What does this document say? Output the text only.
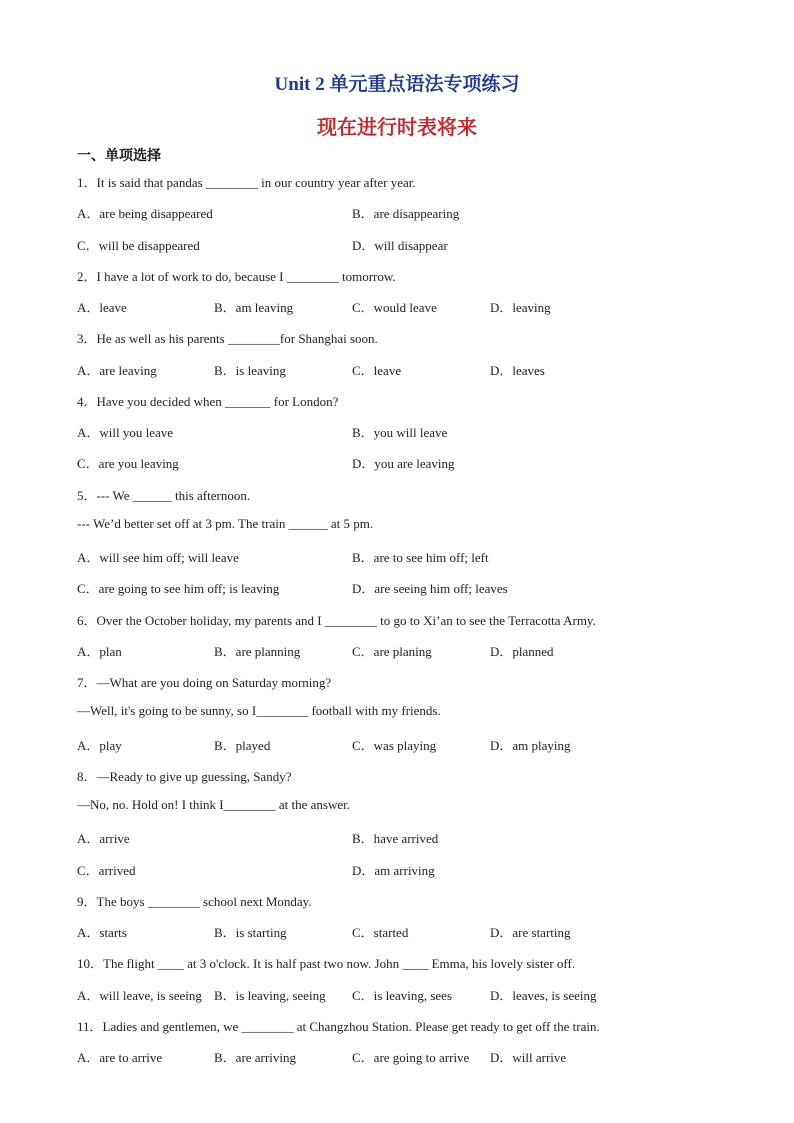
Unit 2 单元重点语法专项练习
现在进行时表将来
一、单项选择
1．It is said that pandas ________ in our country year after year.
A．are being disappeared	B．are disappearing
C．will be disappeared	D．will disappear
2．I have a lot of work to do, because I ________ tomorrow.
A．leave	B．am leaving	C．would leave	D．leaving
3．He as well as his parents ________for Shanghai soon.
A．are leaving	B．is leaving	C．leave	D．leaves
4．Have you decided when _______ for London?
A．will you leave	B．you will leave
C．are you leaving	D．you are leaving
5．--- We ______ this afternoon.
--- We’d better set off at 3 pm. The train ______ at 5 pm.
A．will see him off; will leave	B．are to see him off; left
C．are going to see him off; is leaving	D．are seeing him off; leaves
6．Over the October holiday, my parents and I ________ to go to Xi’an to see the Terracotta Army.
A．plan	B．are planning	C．are planing	D．planned
7．—What are you doing on Saturday morning?
—Well, it's going to be sunny, so I________ football with my friends.
A．play	B．played	C．was playing	D．am playing
8．—Ready to give up guessing, Sandy?
—No, no. Hold on! I think I________ at the answer.
A．arrive	B．have arrived
C．arrived	D．am arriving
9．The boys ________ school next Monday.
A．starts	B．is starting	C．started	D．are starting
10．The flight ____ at 3 o'clock. It is half past two now. John ____ Emma, his lovely sister off.
A．will leave, is seeing B．is leaving, seeing C．is leaving, sees	D．leaves, is seeing
11．Ladies and gentlemen, we ________ at Changzhou Station. Please get ready to get off the train.
A．are to arrive	B．are arriving	C．are going to arrive D．will arrive
